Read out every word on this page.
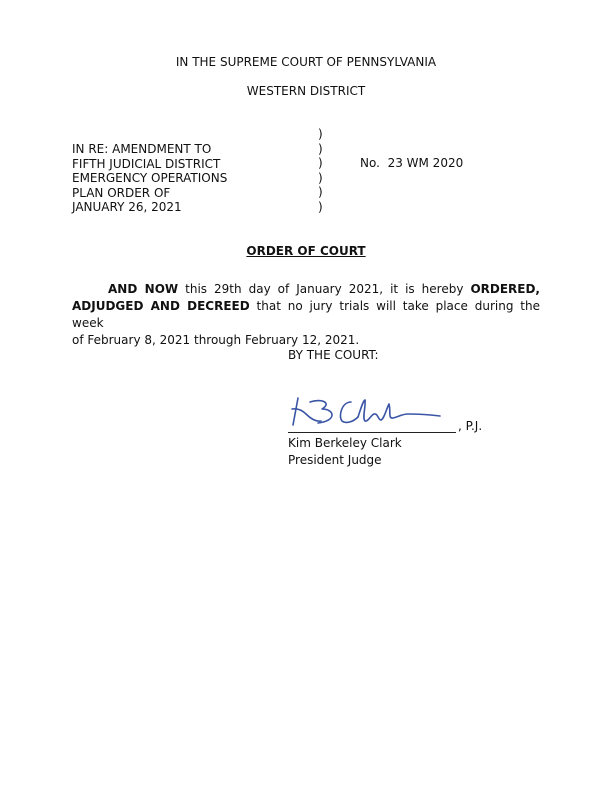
IN THE SUPREME COURT OF PENNSYLVANIA
WESTERN DISTRICT
IN RE: AMENDMENT TO
FIFTH JUDICIAL DISTRICT
EMERGENCY OPERATIONS
PLAN ORDER OF
JANUARY 26, 2021
)
)
)
)
)
)
No. 23 WM 2020
ORDER OF COURT
AND NOW this 29th day of January 2021, it is hereby ORDERED,
ADJUDGED AND DECREED that no jury trials will take place during the week
of February 8, 2021 through February 12, 2021.
BY THE COURT:
, P.J.
Kim Berkeley Clark
President Judge
